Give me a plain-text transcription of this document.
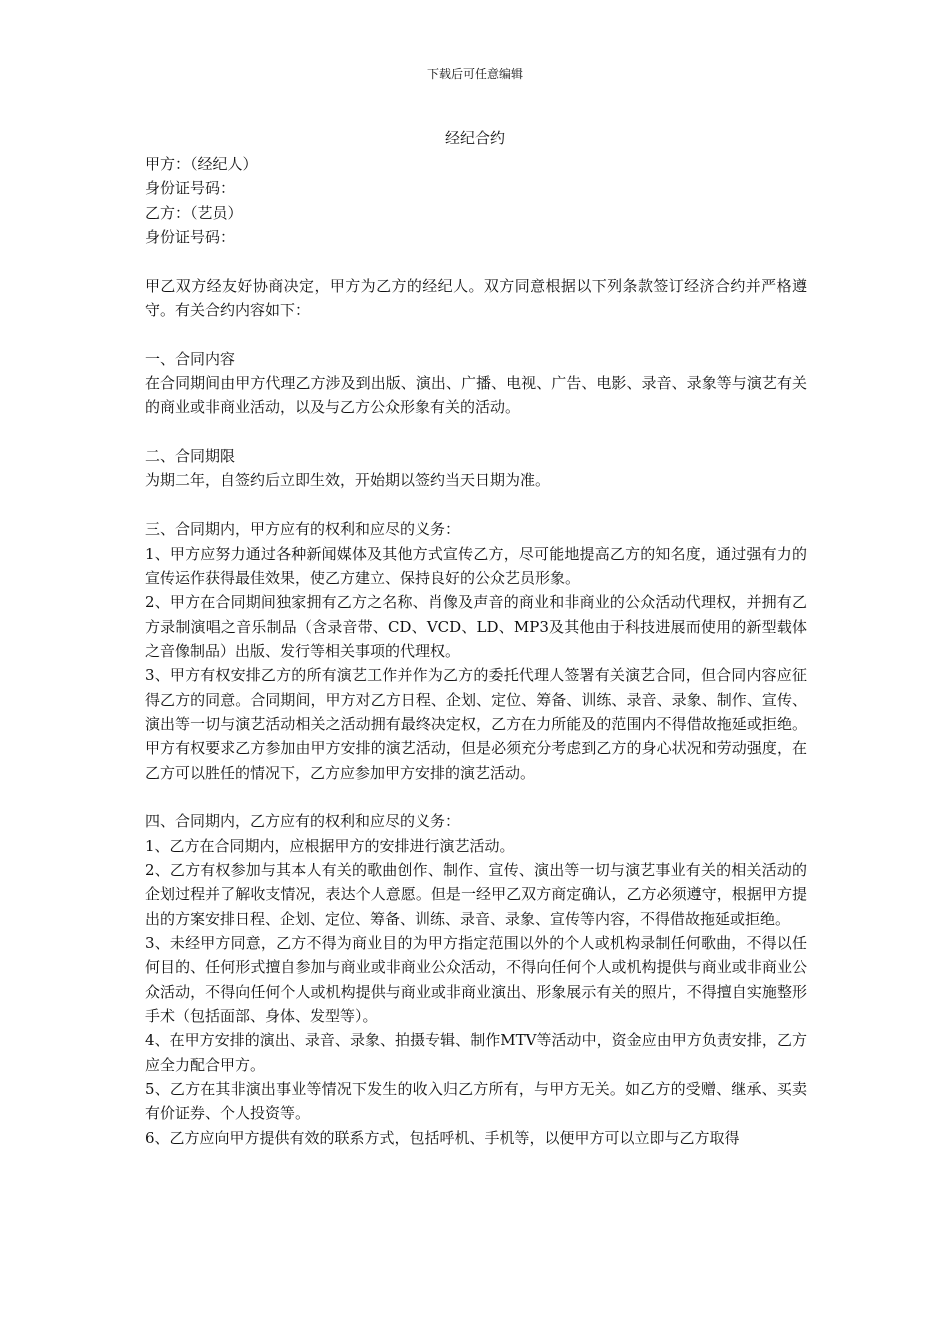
下载后可任意编辑
经纪合约
甲方：（经纪人）
身份证号码：
乙方：（艺员）
身份证号码：
甲乙双方经友好协商决定，甲方为乙方的经纪人。双方同意根据以下列条款签订经济合约并严格遵守。有关合约内容如下：
一、合同内容
在合同期间由甲方代理乙方涉及到出版、演出、广播、电视、广告、电影、录音、录象等与演艺有关的商业或非商业活动，以及与乙方公众形象有关的活动。
二、合同期限
为期二年，自签约后立即生效，开始期以签约当天日期为准。
三、合同期内，甲方应有的权利和应尽的义务：
1、甲方应努力通过各种新闻媒体及其他方式宣传乙方，尽可能地提高乙方的知名度，通过强有力的宣传运作获得最佳效果，使乙方建立、保持良好的公众艺员形象。
2、甲方在合同期间独家拥有乙方之名称、肖像及声音的商业和非商业的公众活动代理权，并拥有乙方录制演唱之音乐制品（含录音带、CD、VCD、LD、MP3及其他由于科技进展而使用的新型载体之音像制品）出版、发行等相关事项的代理权。
3、甲方有权安排乙方的所有演艺工作并作为乙方的委托代理人签署有关演艺合同，但合同内容应征得乙方的同意。合同期间，甲方对乙方日程、企划、定位、筹备、训练、录音、录象、制作、宣传、演出等一切与演艺活动相关之活动拥有最终决定权，乙方在力所能及的范围内不得借故拖延或拒绝。甲方有权要求乙方参加由甲方安排的演艺活动，但是必须充分考虑到乙方的身心状况和劳动强度，在乙方可以胜任的情况下，乙方应参加甲方安排的演艺活动。
四、合同期内，乙方应有的权利和应尽的义务：
1、乙方在合同期内，应根据甲方的安排进行演艺活动。
2、乙方有权参加与其本人有关的歌曲创作、制作、宣传、演出等一切与演艺事业有关的相关活动的企划过程并了解收支情况，表达个人意愿。但是一经甲乙双方商定确认，乙方必须遵守，根据甲方提出的方案安排日程、企划、定位、筹备、训练、录音、录象、宣传等内容，不得借故拖延或拒绝。
3、未经甲方同意，乙方不得为商业目的为甲方指定范围以外的个人或机构录制任何歌曲，不得以任何目的、任何形式擅自参加与商业或非商业公众活动，不得向任何个人或机构提供与商业或非商业公众活动，不得向任何个人或机构提供与商业或非商业演出、形象展示有关的照片，不得擅自实施整形手术（包括面部、身体、发型等）。
4、在甲方安排的演出、录音、录象、拍摄专辑、制作MTV等活动中，资金应由甲方负责安排，乙方应全力配合甲方。
5、乙方在其非演出事业等情况下发生的收入归乙方所有，与甲方无关。如乙方的受赠、继承、买卖有价证券、个人投资等。
6、乙方应向甲方提供有效的联系方式，包括呼机、手机等，以便甲方可以立即与乙方取得
